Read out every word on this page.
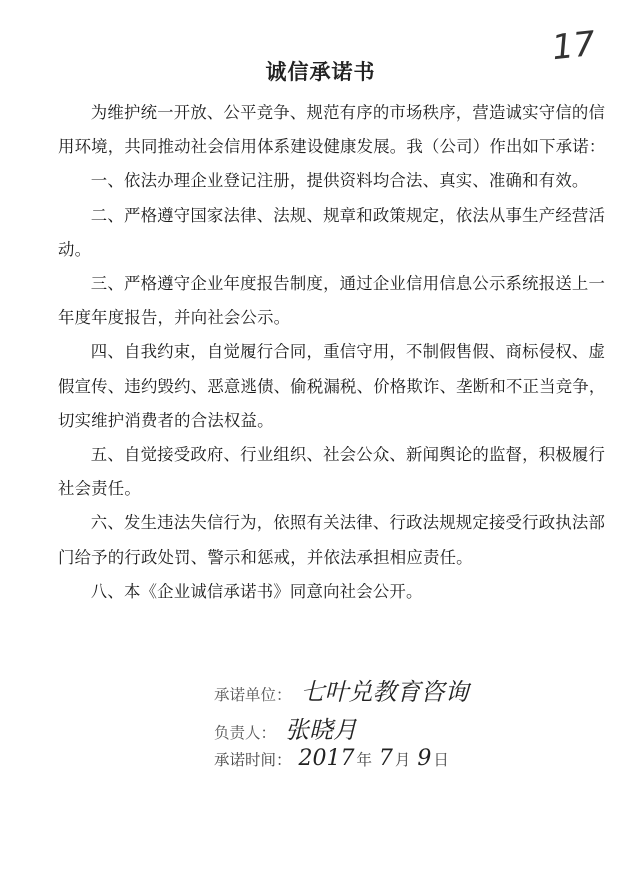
17
诚信承诺书

为维护统一开放、公平竞争、规范有序的市场秩序，营造诚实守信的信用环境，共同推动社会信用体系建设健康发展。我（公司）作出如下承诺：

一、依法办理企业登记注册，提供资料均合法、真实、准确和有效。

二、严格遵守国家法律、法规、规章和政策规定，依法从事生产经营活动。

三、严格遵守企业年度报告制度，通过企业信用信息公示系统报送上一年度年度报告，并向社会公示。

四、自我约束，自觉履行合同，重信守用，不制假售假、商标侵权、虚假宣传、违约毁约、恶意逃债、偷税漏税、价格欺诈、垄断和不正当竞争，切实维护消费者的合法权益。

五、自觉接受政府、行业组织、社会公众、新闻舆论的监督，积极履行社会责任。

六、发生违法失信行为，依照有关法律、行政法规规定接受行政执法部门给予的行政处罚、警示和惩戒，并依法承担相应责任。

八、本《企业诚信承诺书》同意向社会公开。

承诺单位： 七叶兑教育咨询
负责人： 张晓月
承诺时间： 2017 年 7 月 9 日
